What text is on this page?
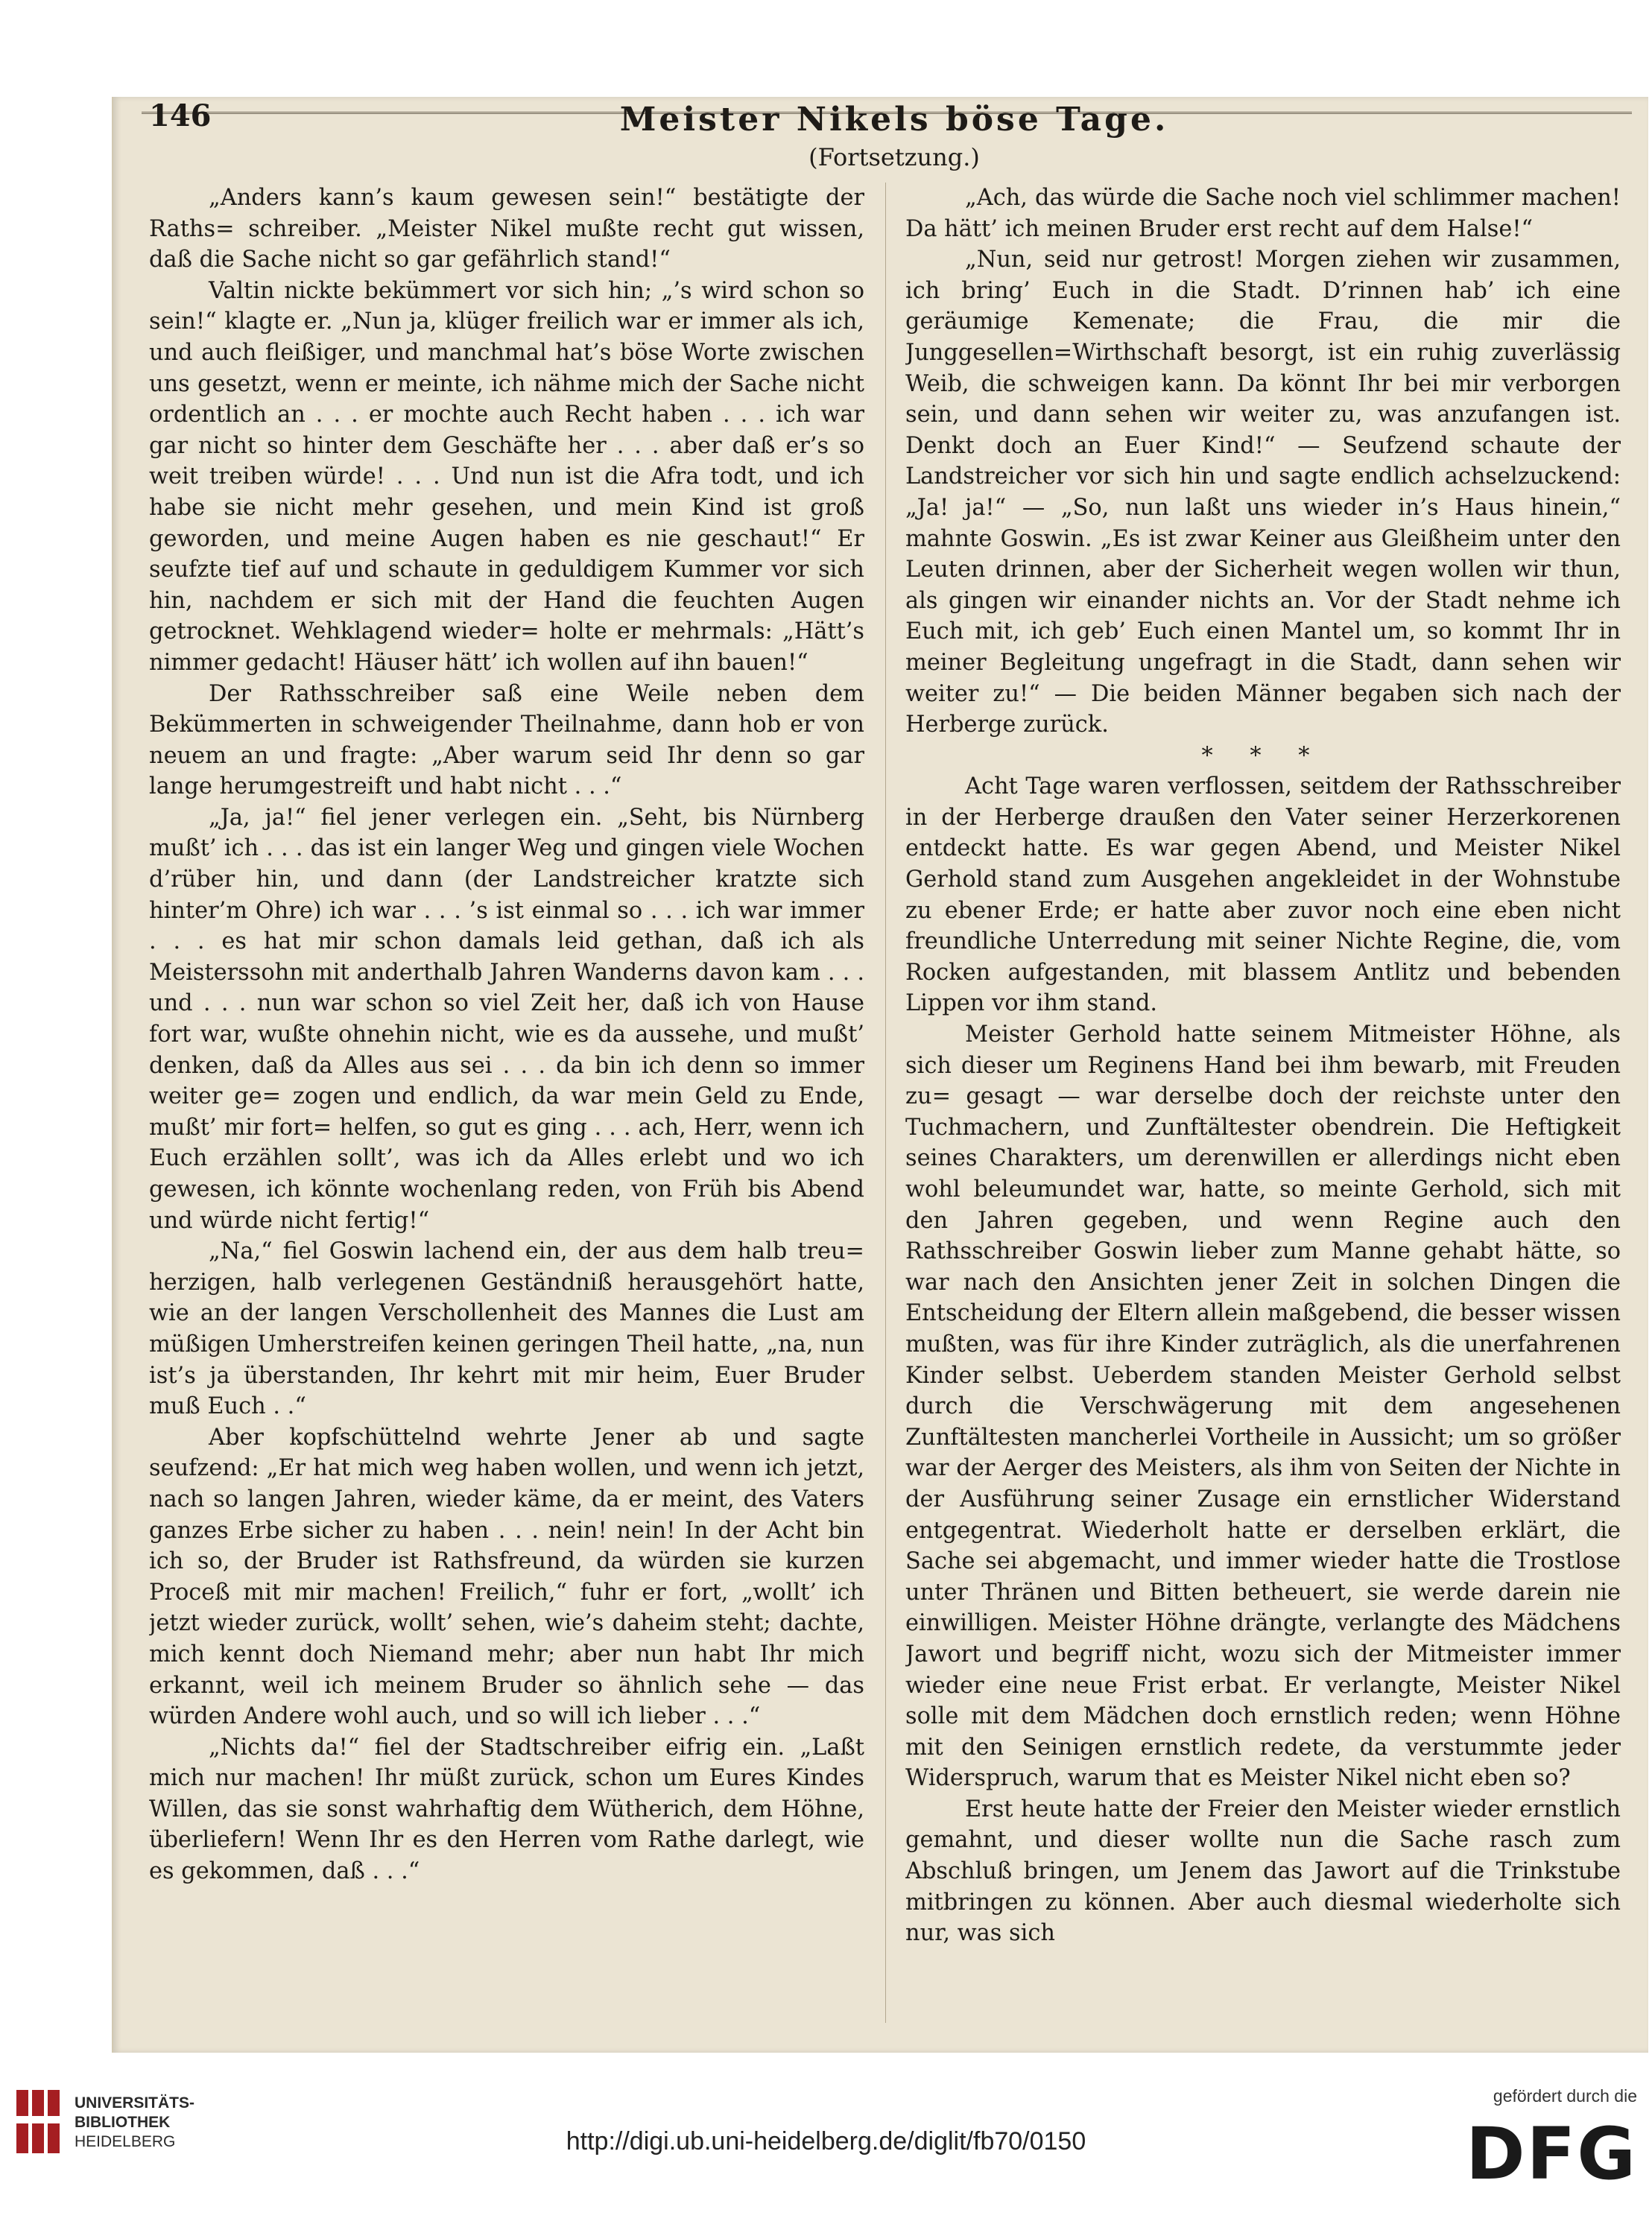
146	Meister Nikels böse Tage.
(Fortsetzung.)

„Anders kann’s kaum gewesen sein!“ bestätigte der Raths= schreiber. „Meister Nikel mußte recht gut wissen, daß die Sache nicht so gar gefährlich stand!“

Valtin nickte bekümmert vor sich hin; „’s wird schon so sein!“ klagte er. „Nun ja, klüger freilich war er immer als ich, und auch fleißiger, und manchmal hat’s böse Worte zwischen uns gesetzt, wenn er meinte, ich nähme mich der Sache nicht ordentlich an . . . er mochte auch Recht haben . . . ich war gar nicht so hinter dem Geschäfte her . . . aber daß er’s so weit treiben würde! . . . Und nun ist die Afra todt, und ich habe sie nicht mehr gesehen, und mein Kind ist groß geworden, und meine Augen haben es nie geschaut!“ Er seufzte tief auf und schaute in geduldigem Kummer vor sich hin, nachdem er sich mit der Hand die feuchten Augen getrocknet. Wehklagend wieder= holte er mehrmals: „Hätt’s nimmer gedacht! Häuser hätt’ ich wollen auf ihn bauen!“

Der Rathsschreiber saß eine Weile neben dem Bekümmerten in schweigender Theilnahme, dann hob er von neuem an und fragte: „Aber warum seid Ihr denn so gar lange herumgestreift und habt nicht . . .“

„Ja, ja!“ fiel jener verlegen ein. „Seht, bis Nürnberg mußt’ ich . . . das ist ein langer Weg und gingen viele Wochen d’rüber hin, und dann (der Landstreicher kratzte sich hinter’m Ohre) ich war . . . ’s ist einmal so . . . ich war immer . . . es hat mir schon damals leid gethan, daß ich als Meisterssohn mit anderthalb Jahren Wanderns davon kam . . . und . . . nun war schon so viel Zeit her, daß ich von Hause fort war, wußte ohnehin nicht, wie es da aussehe, und mußt’ denken, daß da Alles aus sei . . . da bin ich denn so immer weiter ge= zogen und endlich, da war mein Geld zu Ende, mußt’ mir fort= helfen, so gut es ging . . . ach, Herr, wenn ich Euch erzählen sollt’, was ich da Alles erlebt und wo ich gewesen, ich könnte wochenlang reden, von Früh bis Abend und würde nicht fertig!“

„Na,“ fiel Goswin lachend ein, der aus dem halb treu= herzigen, halb verlegenen Geständniß herausgehört hatte, wie an der langen Verschollenheit des Mannes die Lust am müßigen Umherstreifen keinen geringen Theil hatte, „na, nun ist’s ja überstanden, Ihr kehrt mit mir heim, Euer Bruder muß Euch . .“

Aber kopfschüttelnd wehrte Jener ab und sagte seufzend: „Er hat mich weg haben wollen, und wenn ich jetzt, nach so langen Jahren, wieder käme, da er meint, des Vaters ganzes Erbe sicher zu haben . . . nein! nein! In der Acht bin ich so, der Bruder ist Rathsfreund, da würden sie kurzen Proceß mit mir machen! Freilich,“ fuhr er fort, „wollt’ ich jetzt wieder zurück, wollt’ sehen, wie’s daheim steht; dachte, mich kennt doch Niemand mehr; aber nun habt Ihr mich erkannt, weil ich meinem Bruder so ähnlich sehe — das würden Andere wohl auch, und so will ich lieber . . .“

„Nichts da!“ fiel der Stadtschreiber eifrig ein. „Laßt mich nur machen! Ihr müßt zurück, schon um Eures Kindes Willen, das sie sonst wahrhaftig dem Wütherich, dem Höhne, überliefern! Wenn Ihr es den Herren vom Rathe darlegt, wie es gekommen, daß . . .“

„Ach, das würde die Sache noch viel schlimmer machen! Da hätt’ ich meinen Bruder erst recht auf dem Halse!“

„Nun, seid nur getrost! Morgen ziehen wir zusammen, ich bring’ Euch in die Stadt. D’rinnen hab’ ich eine geräumige Kemenate; die Frau, die mir die Junggesellen=Wirthschaft besorgt, ist ein ruhig zuverlässig Weib, die schweigen kann. Da könnt Ihr bei mir verborgen sein, und dann sehen wir weiter zu, was anzufangen ist. Denkt doch an Euer Kind!“ — Seufzend schaute der Landstreicher vor sich hin und sagte endlich achselzuckend: „Ja! ja!“ — „So, nun laßt uns wieder in’s Haus hinein,“ mahnte Goswin. „Es ist zwar Keiner aus Gleißheim unter den Leuten drinnen, aber der Sicherheit wegen wollen wir thun, als gingen wir einander nichts an. Vor der Stadt nehme ich Euch mit, ich geb’ Euch einen Mantel um, so kommt Ihr in meiner Begleitung ungefragt in die Stadt, dann sehen wir weiter zu!“ — Die beiden Männer begaben sich nach der Herberge zurück.

* * *

Acht Tage waren verflossen, seitdem der Rathsschreiber in der Herberge draußen den Vater seiner Herzerkorenen entdeckt hatte. Es war gegen Abend, und Meister Nikel Gerhold stand zum Ausgehen angekleidet in der Wohnstube zu ebener Erde; er hatte aber zuvor noch eine eben nicht freundliche Unterredung mit seiner Nichte Regine, die, vom Rocken aufgestanden, mit blassem Antlitz und bebenden Lippen vor ihm stand.

Meister Gerhold hatte seinem Mitmeister Höhne, als sich dieser um Reginens Hand bei ihm bewarb, mit Freuden zu= gesagt — war derselbe doch der reichste unter den Tuchmachern, und Zunftältester obendrein. Die Heftigkeit seines Charakters, um derenwillen er allerdings nicht eben wohl beleumundet war, hatte, so meinte Gerhold, sich mit den Jahren gegeben, und wenn Regine auch den Rathsschreiber Goswin lieber zum Manne gehabt hätte, so war nach den Ansichten jener Zeit in solchen Dingen die Entscheidung der Eltern allein maßgebend, die besser wissen mußten, was für ihre Kinder zuträglich, als die unerfahrenen Kinder selbst. Ueberdem standen Meister Gerhold selbst durch die Verschwägerung mit dem angesehenen Zunftältesten mancherlei Vortheile in Aussicht; um so größer war der Aerger des Meisters, als ihm von Seiten der Nichte in der Ausführung seiner Zusage ein ernstlicher Widerstand entgegentrat. Wiederholt hatte er derselben erklärt, die Sache sei abgemacht, und immer wieder hatte die Trostlose unter Thränen und Bitten betheuert, sie werde darein nie einwilligen. Meister Höhne drängte, verlangte des Mädchens Jawort und begriff nicht, wozu sich der Mitmeister immer wieder eine neue Frist erbat. Er verlangte, Meister Nikel solle mit dem Mädchen doch ernstlich reden; wenn Höhne mit den Seinigen ernstlich redete, da verstummte jeder Widerspruch, warum that es Meister Nikel nicht eben so?

Erst heute hatte der Freier den Meister wieder ernstlich gemahnt, und dieser wollte nun die Sache rasch zum Abschluß bringen, um Jenem das Jawort auf die Trinkstube mitbringen zu können. Aber auch diesmal wiederholte sich nur, was sich

UNIVERSITÄTS-
BIBLIOTHEK
HEIDELBERG	http://digi.ub.uni-heidelberg.de/diglit/fb70/0150
gefördert durch die
DFG
